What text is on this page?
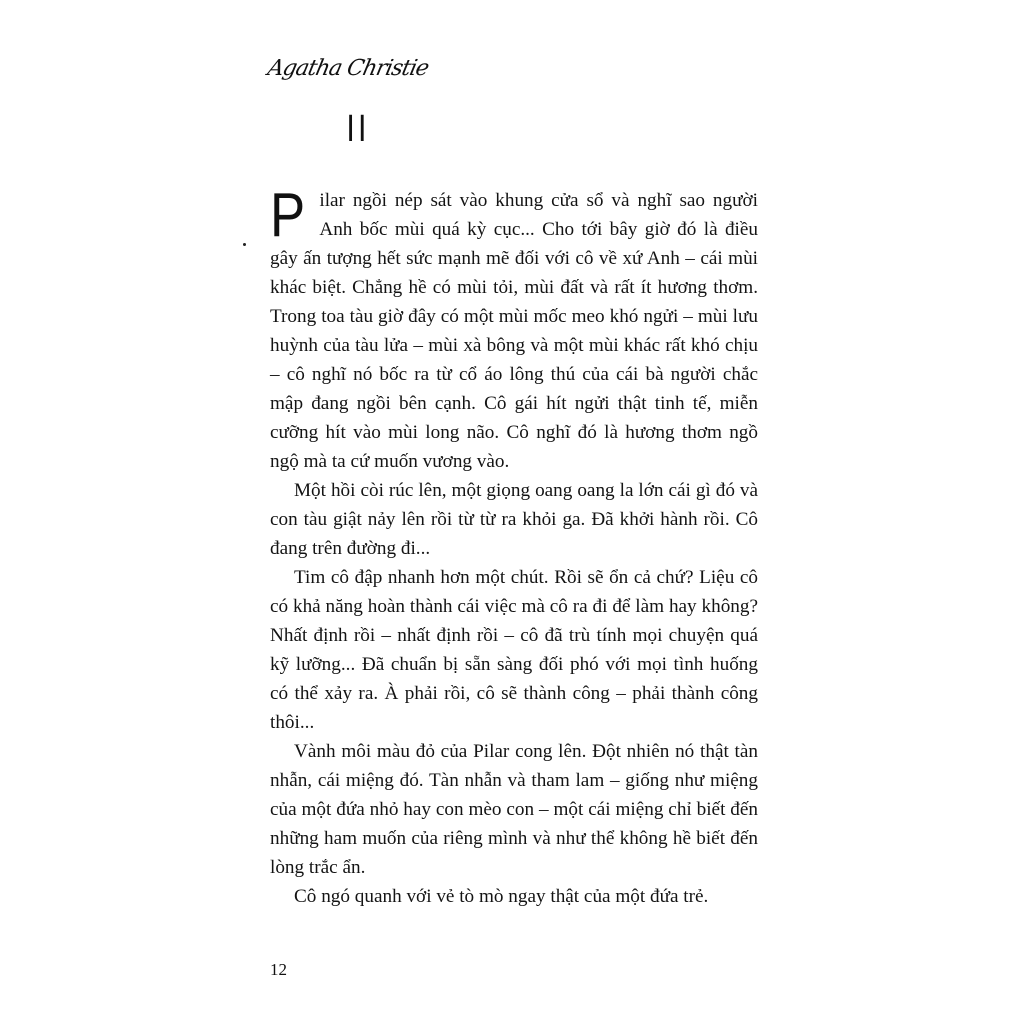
Agatha Christie
II

Pilar ngồi nép sát vào khung cửa sổ và nghĩ sao người Anh bốc mùi quá kỳ cục... Cho tới bây giờ đó là điều gây ấn tượng hết sức mạnh mẽ đối với cô về xứ Anh – cái mùi khác biệt. Chẳng hề có mùi tỏi, mùi đất và rất ít hương thơm. Trong toa tàu giờ đây có một mùi mốc meo khó ngửi – mùi lưu huỳnh của tàu lửa – mùi xà bông và một mùi khác rất khó chịu – cô nghĩ nó bốc ra từ cổ áo lông thú của cái bà người chắc mập đang ngồi bên cạnh. Cô gái hít ngửi thật tinh tế, miễn cưỡng hít vào mùi long não. Cô nghĩ đó là hương thơm ngồ ngộ mà ta cứ muốn vương vào.

Một hồi còi rúc lên, một giọng oang oang la lớn cái gì đó và con tàu giật nảy lên rồi từ từ ra khỏi ga. Đã khởi hành rồi. Cô đang trên đường đi...

Tim cô đập nhanh hơn một chút. Rồi sẽ ổn cả chứ? Liệu cô có khả năng hoàn thành cái việc mà cô ra đi để làm hay không? Nhất định rồi – nhất định rồi – cô đã trù tính mọi chuyện quá kỹ lưỡng... Đã chuẩn bị sẵn sàng đối phó với mọi tình huống có thể xảy ra. À phải rồi, cô sẽ thành công – phải thành công thôi...

Vành môi màu đỏ của Pilar cong lên. Đột nhiên nó thật tàn nhẫn, cái miệng đó. Tàn nhẫn và tham lam – giống như miệng của một đứa nhỏ hay con mèo con – một cái miệng chỉ biết đến những ham muốn của riêng mình và như thể không hề biết đến lòng trắc ẩn.

Cô ngó quanh với vẻ tò mò ngay thật của một đứa trẻ.

12
